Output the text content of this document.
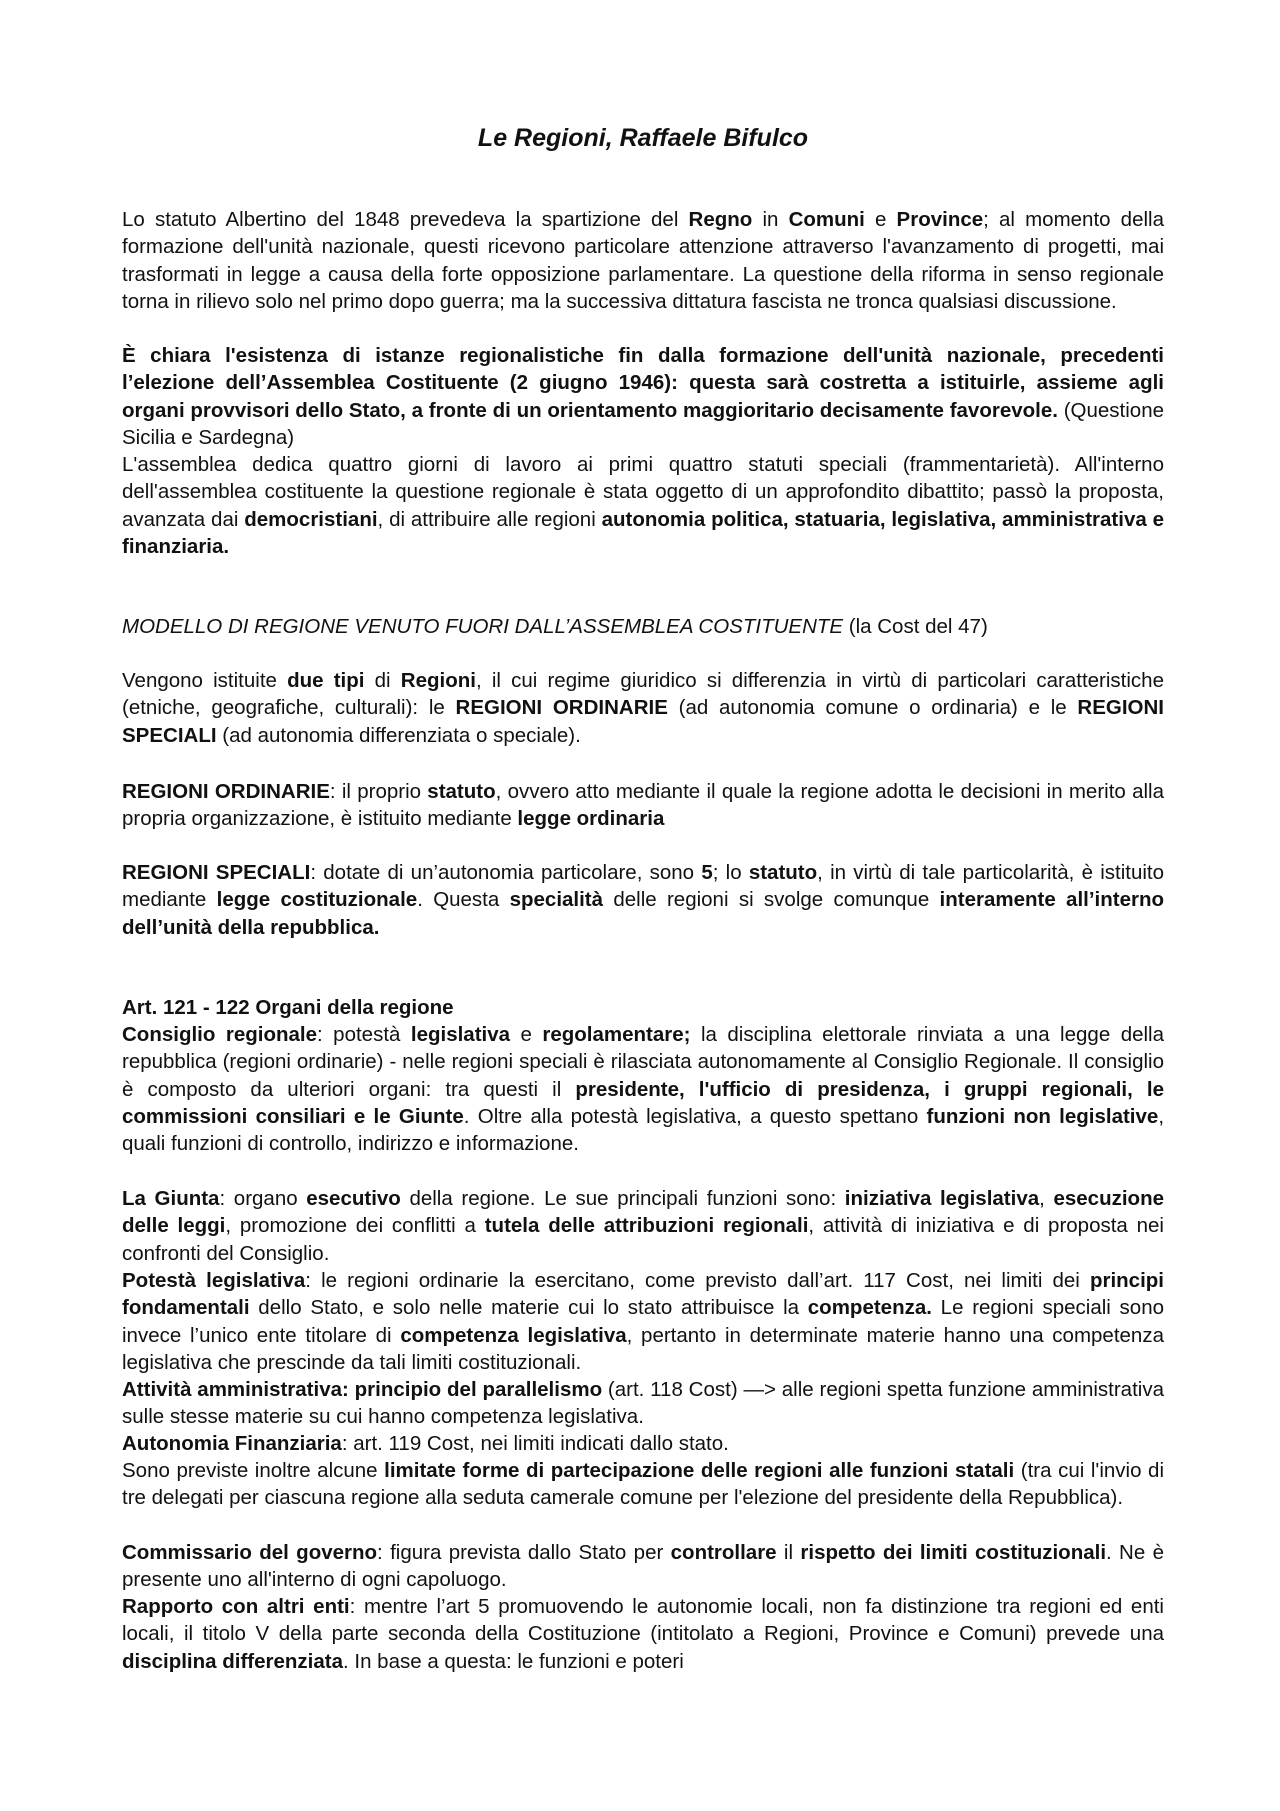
Le Regioni, Raffaele Bifulco

Lo statuto Albertino del 1848 prevedeva la spartizione del Regno in Comuni e Province; al momento della formazione dell'unità nazionale, questi ricevono particolare attenzione attraverso l'avanzamento di progetti, mai trasformati in legge a causa della forte opposizione parlamentare. La questione della riforma in senso regionale torna in rilievo solo nel primo dopo guerra; ma la successiva dittatura fascista ne tronca qualsiasi discussione.

È chiara l'esistenza di istanze regionalistiche fin dalla formazione dell'unità nazionale, precedenti l’elezione dell’Assemblea Costituente (2 giugno 1946): questa sarà costretta a istituirle, assieme agli organi provvisori dello Stato, a fronte di un orientamento maggioritario decisamente favorevole. (Questione Sicilia e Sardegna)

L'assemblea dedica quattro giorni di lavoro ai primi quattro statuti speciali (frammentarietà). All'interno dell'assemblea costituente la questione regionale è stata oggetto di un approfondito dibattito; passò la proposta, avanzata dai democristiani, di attribuire alle regioni autonomia politica, statuaria, legislativa, amministrativa e finanziaria.

MODELLO DI REGIONE VENUTO FUORI DALL’ASSEMBLEA COSTITUENTE (la Cost del 47)

Vengono istituite due tipi di Regioni, il cui regime giuridico si differenzia in virtù di particolari caratteristiche (etniche, geografiche, culturali): le REGIONI ORDINARIE (ad autonomia comune o ordinaria) e le REGIONI SPECIALI (ad autonomia differenziata o speciale).

REGIONI ORDINARIE: il proprio statuto, ovvero atto mediante il quale la regione adotta le decisioni in merito alla propria organizzazione, è istituito mediante legge ordinaria

REGIONI SPECIALI: dotate di un’autonomia particolare, sono 5; lo statuto, in virtù di tale particolarità, è istituito mediante legge costituzionale. Questa specialità delle regioni si svolge comunque interamente all’interno dell’unità della repubblica.

Art. 121 - 122 Organi della regione

Consiglio regionale: potestà legislativa e regolamentare; la disciplina elettorale rinviata a una legge della repubblica (regioni ordinarie) - nelle regioni speciali è rilasciata autonomamente al Consiglio Regionale. Il consiglio è composto da ulteriori organi: tra questi il presidente, l'ufficio di presidenza, i gruppi regionali, le commissioni consiliari e le Giunte. Oltre alla potestà legislativa, a questo spettano funzioni non legislative, quali funzioni di controllo, indirizzo e informazione.

La Giunta: organo esecutivo della regione. Le sue principali funzioni sono: iniziativa legislativa, esecuzione delle leggi, promozione dei conflitti a tutela delle attribuzioni regionali, attività di iniziativa e di proposta nei confronti del Consiglio.

Potestà legislativa: le regioni ordinarie la esercitano, come previsto dall’art. 117 Cost, nei limiti dei principi fondamentali dello Stato, e solo nelle materie cui lo stato attribuisce la competenza. Le regioni speciali sono invece l’unico ente titolare di competenza legislativa, pertanto in determinate materie hanno una competenza legislativa che prescinde da tali limiti costituzionali.

Attività amministrativa: principio del parallelismo (art. 118 Cost) —> alle regioni spetta funzione amministrativa sulle stesse materie su cui hanno competenza legislativa.

Autonomia Finanziaria: art. 119 Cost, nei limiti indicati dallo stato.

Sono previste inoltre alcune limitate forme di partecipazione delle regioni alle funzioni statali (tra cui l'invio di tre delegati per ciascuna regione alla seduta camerale comune per l'elezione del presidente della Repubblica).

Commissario del governo: figura prevista dallo Stato per controllare il rispetto dei limiti costituzionali. Ne è presente uno all'interno di ogni capoluogo.

Rapporto con altri enti: mentre l’art 5 promuovendo le autonomie locali, non fa distinzione tra regioni ed enti locali, il titolo V della parte seconda della Costituzione (intitolato a Regioni, Province e Comuni) prevede una disciplina differenziata. In base a questa: le funzioni e poteri
